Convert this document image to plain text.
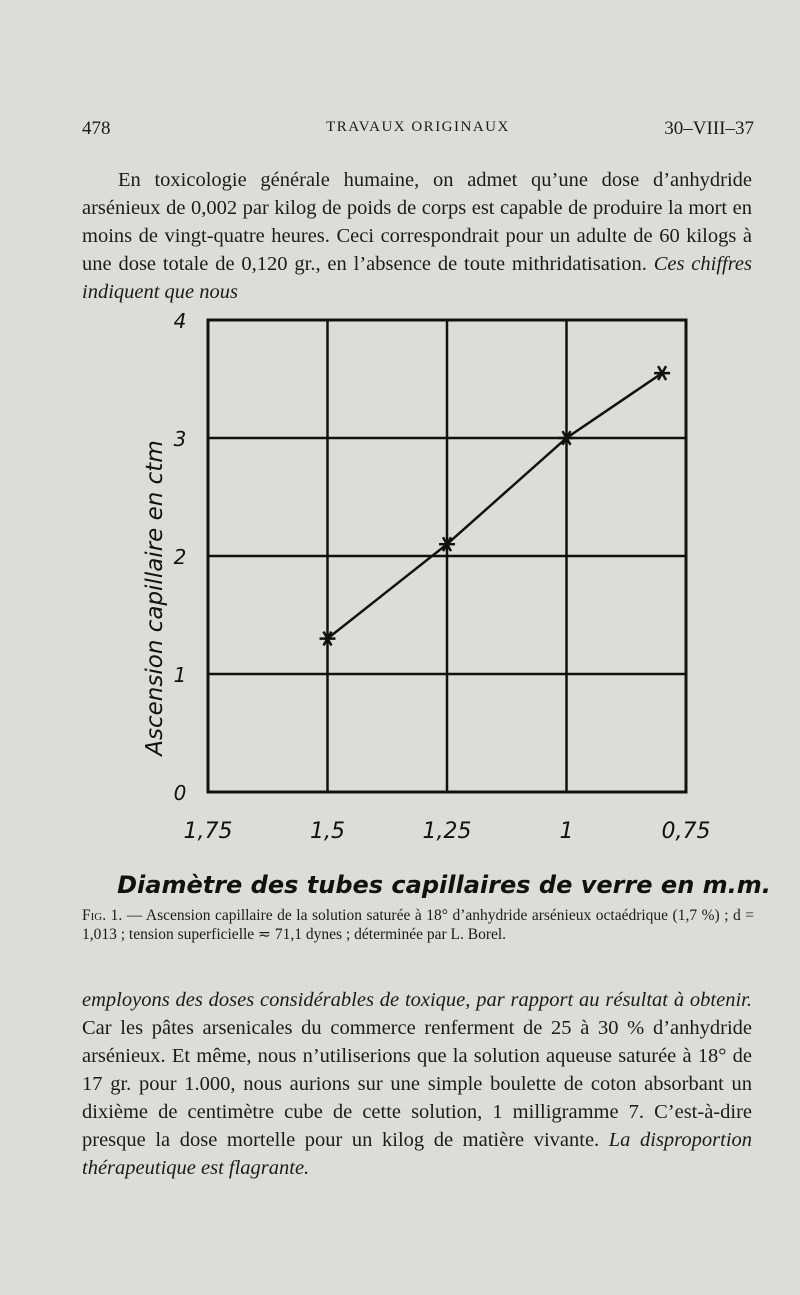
478	TRAVAUX ORIGINAUX	30–VIII–37
En toxicologie générale humaine, on admet qu’une dose d’anhydride arsénieux de 0,002 par kilog de poids de corps est capable de produire la mort en moins de vingt-quatre heures. Ceci correspondrait pour un adulte de 60 kilogs à une dose totale de 0,120 gr., en l’absence de toute mithridatisation. Ces chiffres indiquent que nous
1,75	1,5	1,25	1	0,75
0
1
2
3
4
Ascension capillaire en ctm
Diamètre des tubes capillaires de verre en m.m.
Fig. 1. — Ascension capillaire de la solution saturée à 18° d’anhydride arsénieux octaédrique (1,7 %) ; d = 1,013 ; tension superficielle ≂ 71,1 dynes ; déterminée par L. Borel.
employons des doses considérables de toxique, par rapport au résultat à obtenir. Car les pâtes arsenicales du commerce renferment de 25 à 30 % d’anhydride arsénieux. Et même, nous n’utiliserions que la solution aqueuse saturée à 18° de 17 gr. pour 1.000, nous aurions sur une simple boulette de coton absorbant un dixième de centimètre cube de cette solution, 1 milligramme 7. C’est-à-dire presque la dose mortelle pour un kilog de matière vivante. La disproportion thérapeutique est flagrante.
